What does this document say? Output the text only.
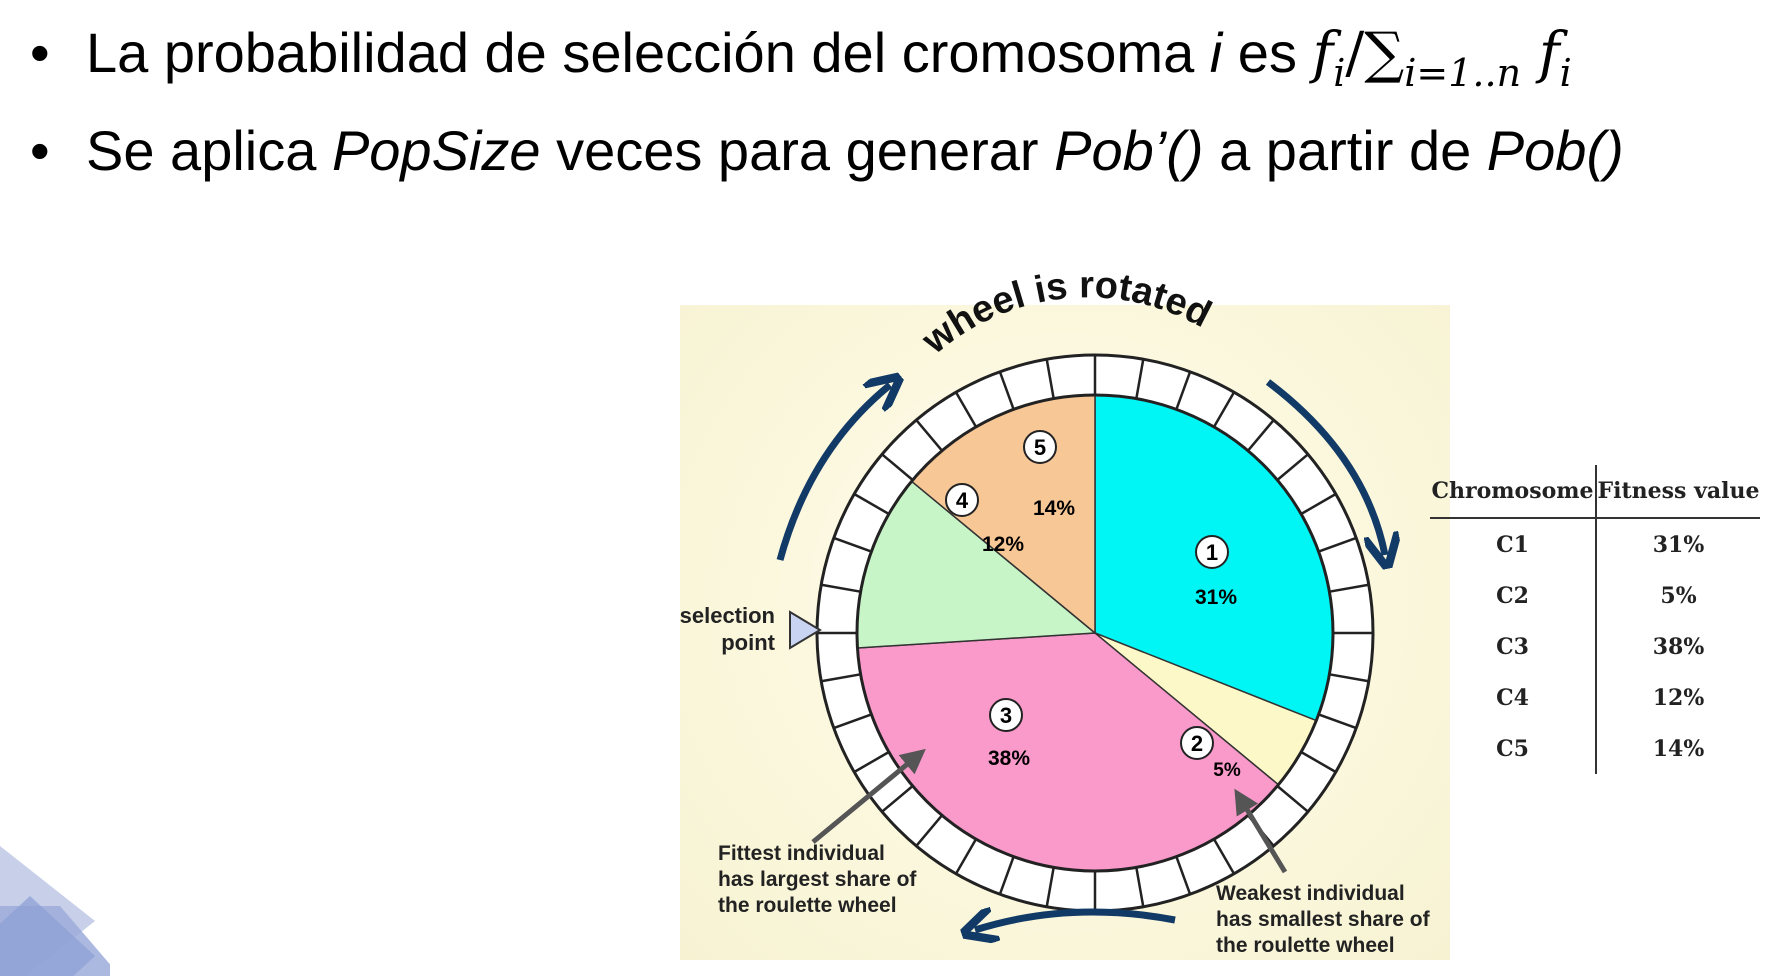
• La probabilidad de selección del cromosoma i es $f_i/\sum_{i=1..n}$ $f_i$
• Se aplica PopSize veces para generar Pob’() a partir de Pob()
1
31%
2
5%
3
38%
4
12%
5
14%
wheel is rotated
selection
point
Fittest individual
has largest share of
the roulette wheel
Weakest individual
has smallest share of
the roulette wheel
Chromosome Fitness value
C1	31%
C2	5%
C3	38%
C4	12%
C5	14%
